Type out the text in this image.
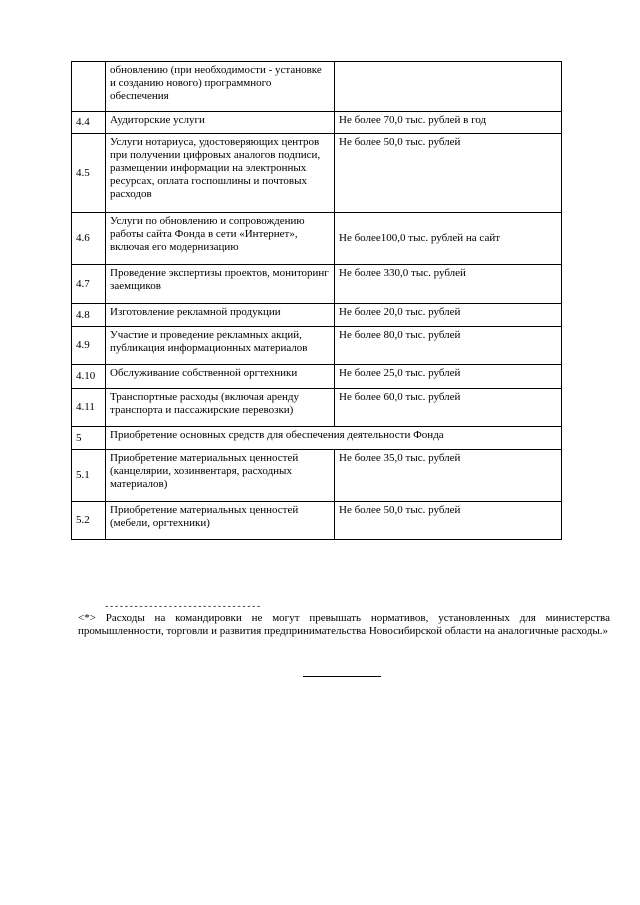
	обновлению (при необходимости - установке и созданию нового) программного обеспечения	
4.4	Аудиторские услуги	Не более 70,0 тыс. рублей в год
4.5	Услуги нотариуса, удостоверяющих центров при получении цифровых аналогов подписи, размещении информации на электронных ресурсах, оплата госпошлины и почтовых расходов	Не более 50,0 тыс. рублей
4.6	Услуги по обновлению и сопровождению работы сайта Фонда в сети «Интернет», включая его модернизацию	Не более100,0 тыс. рублей на сайт
4.7	Проведение экспертизы проектов, мониторинг заемщиков	Не более 330,0 тыс. рублей
4.8	Изготовление рекламной продукции	Не более 20,0 тыс. рублей
4.9	Участие и проведение рекламных акций, публикация информационных материалов	Не более 80,0 тыс. рублей
4.10	Обслуживание собственной оргтехники	Не более 25,0 тыс. рублей
4.11	Транспортные расходы (включая аренду транспорта и пассажирские перевозки)	Не более 60,0 тыс. рублей
5	Приобретение основных средств для обеспечения деятельности Фонда	
5.1	Приобретение материальных ценностей (канцелярии, хозинвентаря, расходных материалов)	Не более 35,0 тыс. рублей
5.2	Приобретение материальных ценностей (мебели, оргтехники)	Не более 50,0 тыс. рублей
--------------------------------
<*> Расходы на командировки не могут превышать нормативов, установленных для министерства промышленности, торговли и развития предпринимательства Новосибирской области на аналогичные расходы.»
